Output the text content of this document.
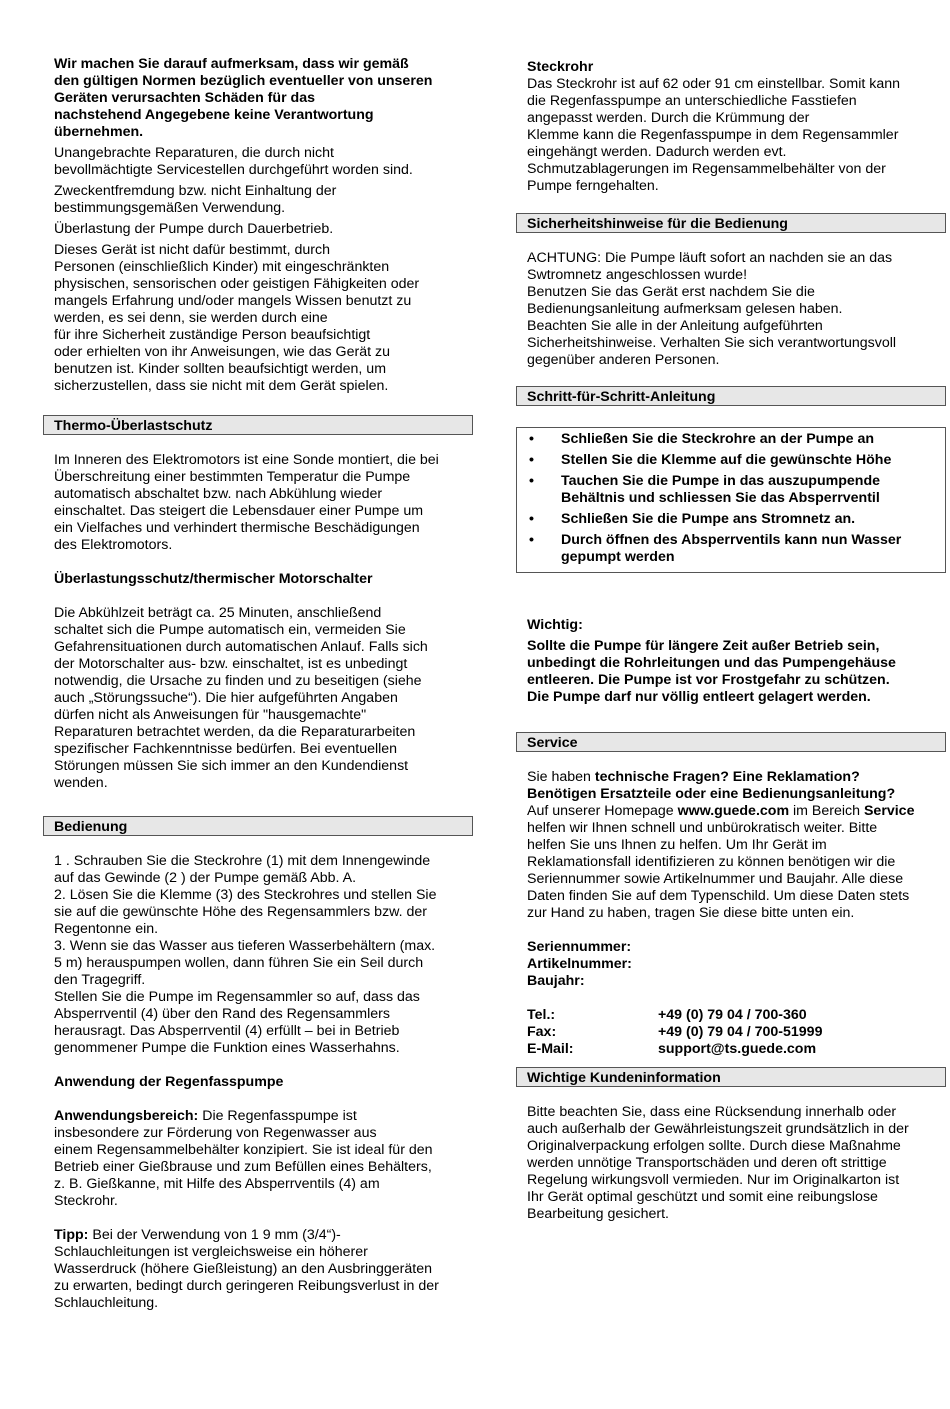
Wir machen Sie darauf aufmerksam, dass wir gemäß
den gültigen Normen bezüglich eventueller von unseren
Geräten verursachten Schäden für das
nachstehend Angegebene keine Verantwortung
übernehmen.

Unangebrachte Reparaturen, die durch nicht
bevollmächtigte Servicestellen durchgeführt worden sind.

Zweckentfremdung bzw. nicht Einhaltung der
bestimmungsgemäßen Verwendung.

Überlastung der Pumpe durch Dauerbetrieb.

Dieses Gerät ist nicht dafür bestimmt, durch
Personen (einschließlich Kinder) mit eingeschränkten
physischen, sensorischen oder geistigen Fähigkeiten oder
mangels Erfahrung und/oder mangels Wissen benutzt zu
werden, es sei denn, sie werden durch eine
für ihre Sicherheit zuständige Person beaufsichtigt
oder erhielten von ihr Anweisungen, wie das Gerät zu
benutzen ist. Kinder sollten beaufsichtigt werden, um
sicherzustellen, dass sie nicht mit dem Gerät spielen.

Thermo-Überlastschutz

Im Inneren des Elektromotors ist eine Sonde montiert, die bei
Überschreitung einer bestimmten Temperatur die Pumpe
automatisch abschaltet bzw. nach Abkühlung wieder
einschaltet. Das steigert die Lebensdauer einer Pumpe um
ein Vielfaches und verhindert thermische Beschädigungen
des Elektromotors.

Überlastungsschutz/thermischer Motorschalter

Die Abkühlzeit beträgt ca. 25 Minuten, anschließend
schaltet sich die Pumpe automatisch ein, vermeiden Sie
Gefahrensituationen durch automatischen Anlauf. Falls sich
der Motorschalter aus- bzw. einschaltet, ist es unbedingt
notwendig, die Ursache zu finden und zu beseitigen (siehe
auch „Störungssuche“). Die hier aufgeführten Angaben
dürfen nicht als Anweisungen für "hausgemachte"
Reparaturen betrachtet werden, da die Reparaturarbeiten
spezifischer Fachkenntnisse bedürfen. Bei eventuellen
Störungen müssen Sie sich immer an den Kundendienst
wenden.

Bedienung

1 . Schrauben Sie die Steckrohre (1) mit dem Innengewinde
auf das Gewinde (2 ) der Pumpe gemäß Abb. A.
2. Lösen Sie die Klemme (3) des Steckrohres und stellen Sie
sie auf die gewünschte Höhe des Regensammlers bzw. der
Regentonne ein.
3. Wenn sie das Wasser aus tieferen Wasserbehältern (max.
5 m) herauspumpen wollen, dann führen Sie ein Seil durch
den Tragegriff.
Stellen Sie die Pumpe im Regensammler so auf, dass das
Absperrventil (4) über den Rand des Regensammlers
herausragt. Das Absperrventil (4) erfüllt – bei in Betrieb
genommener Pumpe die Funktion eines Wasserhahns.

Anwendung der Regenfasspumpe

Anwendungsbereich: Die Regenfasspumpe ist
insbesondere zur Förderung von Regenwasser aus
einem Regensammelbehälter konzipiert. Sie ist ideal für den
Betrieb einer Gießbrause und zum Befüllen eines Behälters,
z. B. Gießkanne, mit Hilfe des Absperrventils (4) am
Steckrohr.

Tipp: Bei der Verwendung von 1 9 mm (3/4“)-
Schlauchleitungen ist vergleichsweise ein höherer
Wasserdruck (höhere Gießleistung) an den Ausbringgeräten
zu erwarten, bedingt durch geringeren Reibungsverlust in der
Schlauchleitung.

Steckrohr

Das Steckrohr ist auf 62 oder 91 cm einstellbar. Somit kann
die Regenfasspumpe an unterschiedliche Fasstiefen
angepasst werden. Durch die Krümmung der
Klemme kann die Regenfasspumpe in dem Regensammler
eingehängt werden. Dadurch werden evt.
Schmutzablagerungen im Regensammelbehälter von der
Pumpe ferngehalten.

Sicherheitshinweise für die Bedienung

ACHTUNG: Die Pumpe läuft sofort an nachden sie an das
Swtromnetz angeschlossen wurde!
Benutzen Sie das Gerät erst nachdem Sie die
Bedienungsanleitung aufmerksam gelesen haben.
Beachten Sie alle in der Anleitung aufgeführten
Sicherheitshinweise. Verhalten Sie sich verantwortungsvoll
gegenüber anderen Personen.

Schritt-für-Schritt-Anleitung
•	Schließen Sie die Steckrohre an der Pumpe an
•	Stellen Sie die Klemme auf die gewünschte Höhe
•	Tauchen Sie die Pumpe in das auszupumpende
Behältnis und schliessen Sie das Absperrventil
•	Schließen Sie die Pumpe ans Stromnetz an.
•	Durch öffnen des Absperrventils kann nun Wasser
gepumpt werden

Wichtig:

Sollte die Pumpe für längere Zeit außer Betrieb sein,
unbedingt die Rohrleitungen und das Pumpengehäuse
entleeren. Die Pumpe ist vor Frostgefahr zu schützen.
Die Pumpe darf nur völlig entleert gelagert werden.

Service

Sie haben technische Fragen? Eine Reklamation?
Benötigen Ersatzteile oder eine Bedienungsanleitung?
Auf unserer Homepage www.guede.com im Bereich Service
helfen wir Ihnen schnell und unbürokratisch weiter. Bitte
helfen Sie uns Ihnen zu helfen. Um Ihr Gerät im
Reklamationsfall identifizieren zu können benötigen wir die
Seriennummer sowie Artikelnummer und Baujahr. Alle diese
Daten finden Sie auf dem Typenschild. Um diese Daten stets
zur Hand zu haben, tragen Sie diese bitte unten ein.

Seriennummer:
Artikelnummer:
Baujahr:

Tel.:	+49 (0) 79 04 / 700-360
Fax:	+49 (0) 79 04 / 700-51999
E-Mail:	support@ts.guede.com
Wichtige Kundeninformation

Bitte beachten Sie, dass eine Rücksendung innerhalb oder
auch außerhalb der Gewährleistungszeit grundsätzlich in der
Originalverpackung erfolgen sollte. Durch diese Maßnahme
werden unnötige Transportschäden und deren oft strittige
Regelung wirkungsvoll vermieden. Nur im Originalkarton ist
Ihr Gerät optimal geschützt und somit eine reibungslose
Bearbeitung gesichert.
